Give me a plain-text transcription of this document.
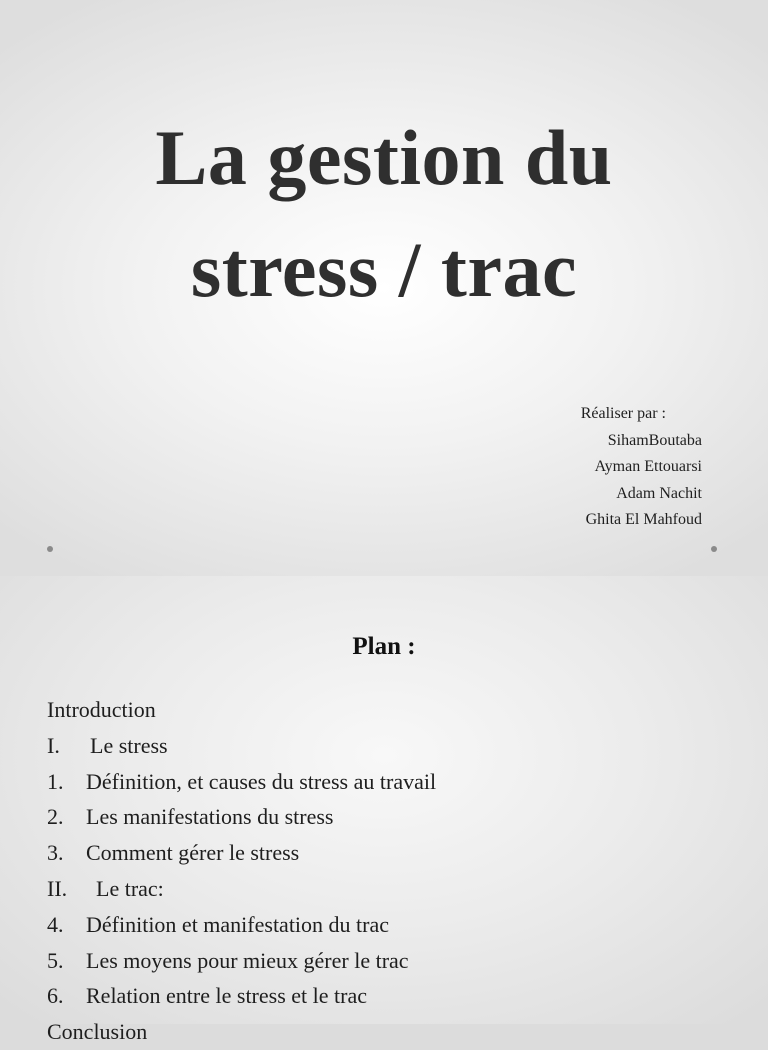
La gestion du
stress / trac
Réaliser par :
SihamBoutaba
Ayman Ettouarsi
Adam Nachit
Ghita El Mahfoud
Plan :
Introduction
I. Le stress
1. Définition, et causes du stress au travail
2. Les manifestations du stress
3. Comment gérer le stress
II. Le trac:
4. Définition et manifestation du trac
5. Les moyens pour mieux gérer le trac
6. Relation entre le stress et le trac
Conclusion
